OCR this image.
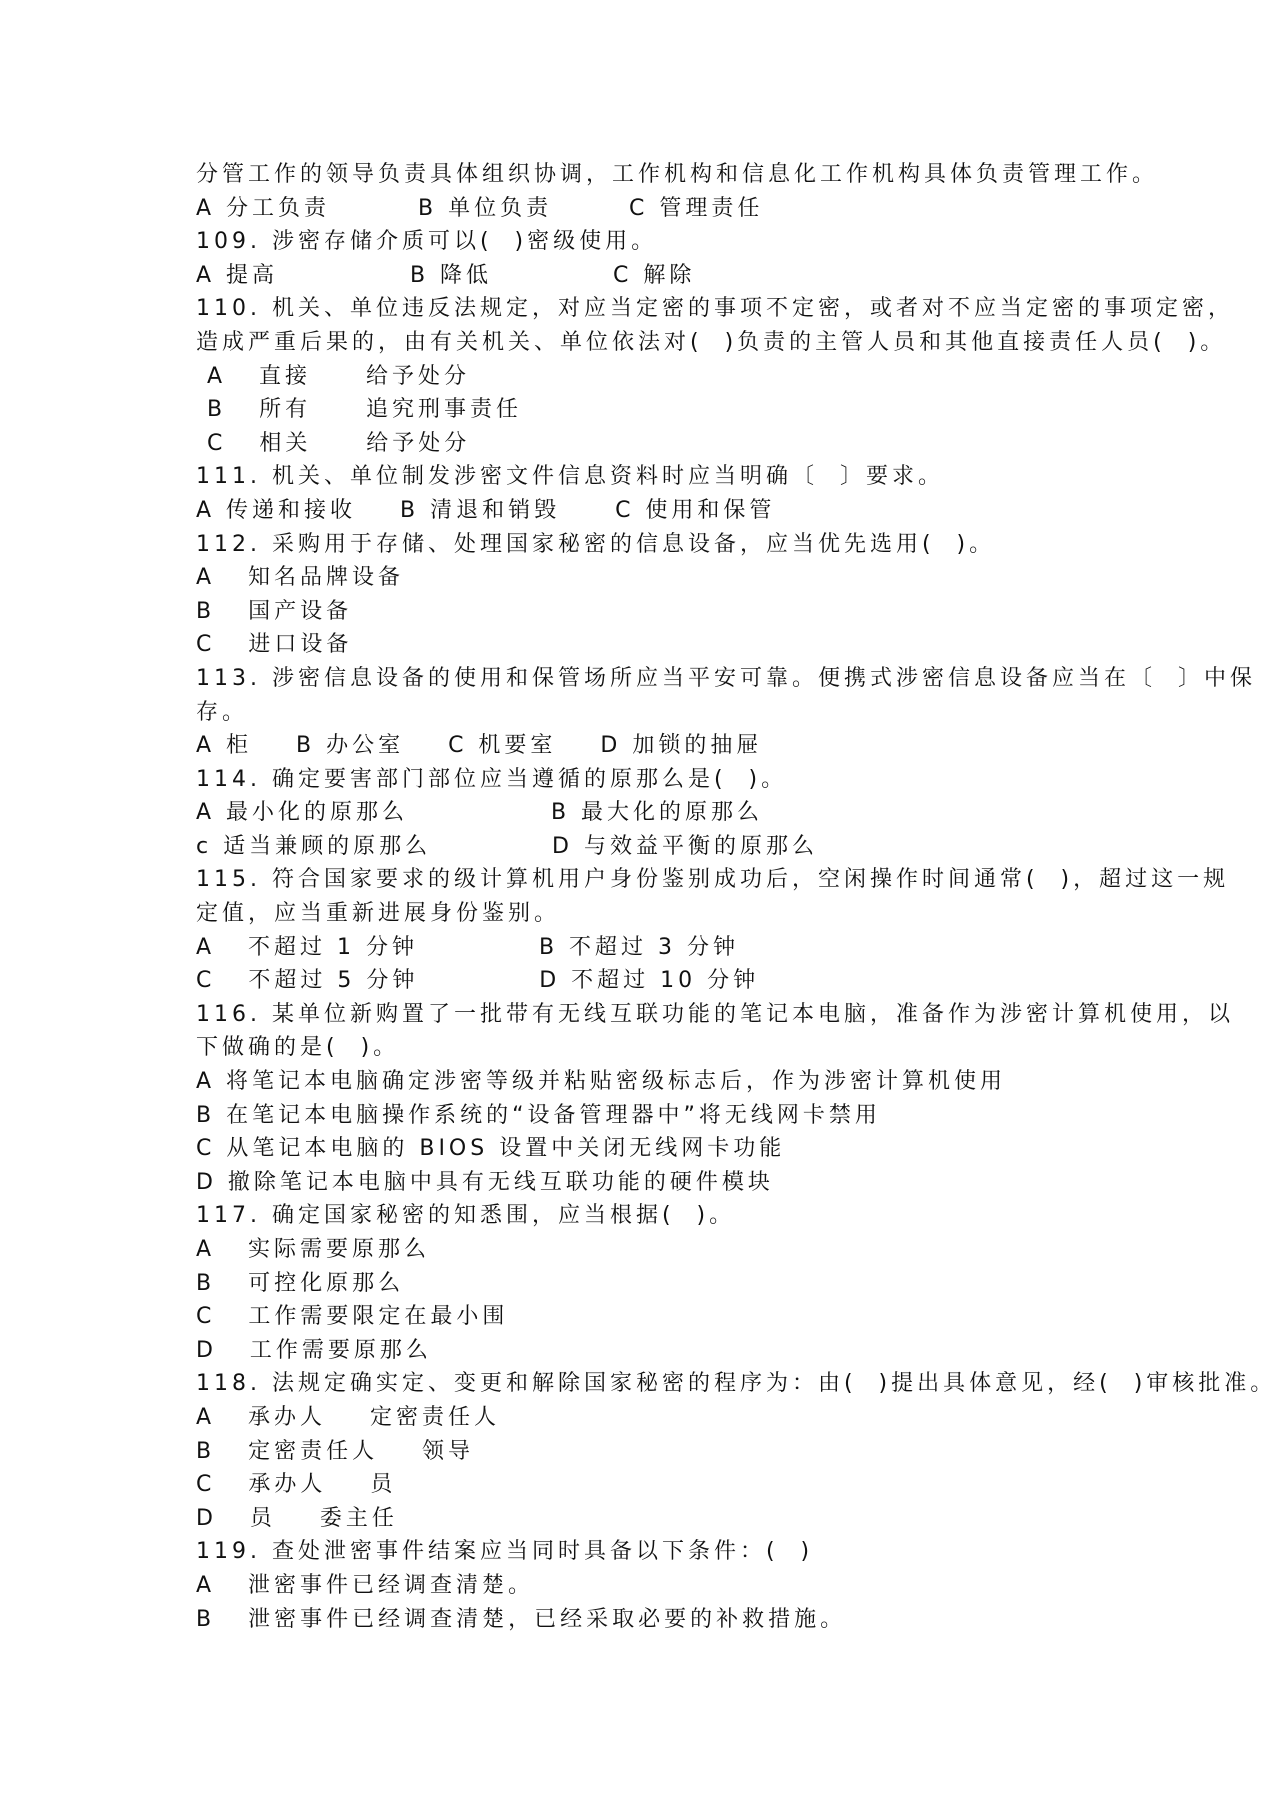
分管工作的领导负责具体组织协调，工作机构和信息化工作机构具体负责管理工作。
A 分工负责        B 单位负责       C 管理责任
109. 涉密存储介质可以(  )密级使用。
A 提高            B 降低           C 解除
110. 机关、单位违反法规定，对应当定密的事项不定密，或者对不应当定密的事项定密，
造成严重后果的，由有关机关、单位依法对(  )负责的主管人员和其他直接责任人员(  )。
A   直接     给予处分
B   所有     追究刑事责任
C   相关     给予处分
111. 机关、单位制发涉密文件信息资料时应当明确〔  〕要求。
A 传递和接收    B 清退和销毁     C 使用和保管
112. 采购用于存储、处理国家秘密的信息设备，应当优先选用(  )。
A   知名品牌设备
B   国产设备
C   进口设备
113. 涉密信息设备的使用和保管场所应当平安可靠。便携式涉密信息设备应当在〔  〕中保
存。
A 柜    B 办公室    C 机要室    D 加锁的抽屉
114. 确定要害部门部位应当遵循的原那么是(  )。
A 最小化的原那么             B 最大化的原那么
c 适当兼顾的原那么           D 与效益平衡的原那么
115. 符合国家要求的级计算机用户身份鉴别成功后，空闲操作时间通常(  )，超过这一规
定值，应当重新进展身份鉴别。
A   不超过 1 分钟           B 不超过 3 分钟
C   不超过 5 分钟           D 不超过 10 分钟
116. 某单位新购置了一批带有无线互联功能的笔记本电脑，准备作为涉密计算机使用，以
下做确的是(  )。
A 将笔记本电脑确定涉密等级并粘贴密级标志后，作为涉密计算机使用
B 在笔记本电脑操作系统的“设备管理器中”将无线网卡禁用
C 从笔记本电脑的 BIOS 设置中关闭无线网卡功能
D 撤除笔记本电脑中具有无线互联功能的硬件模块
117. 确定国家秘密的知悉围，应当根据(  )。
A   实际需要原那么
B   可控化原那么
C   工作需要限定在最小围
D   工作需要原那么
118. 法规定确实定、变更和解除国家秘密的程序为：由(  )提出具体意见，经(  )审核批准。
A   承办人    定密责任人
B   定密责任人    领导
C   承办人    员
D   员    委主任
119. 查处泄密事件结案应当同时具备以下条件：(  )
A   泄密事件已经调查清楚。
B   泄密事件已经调查清楚，已经采取必要的补救措施。
